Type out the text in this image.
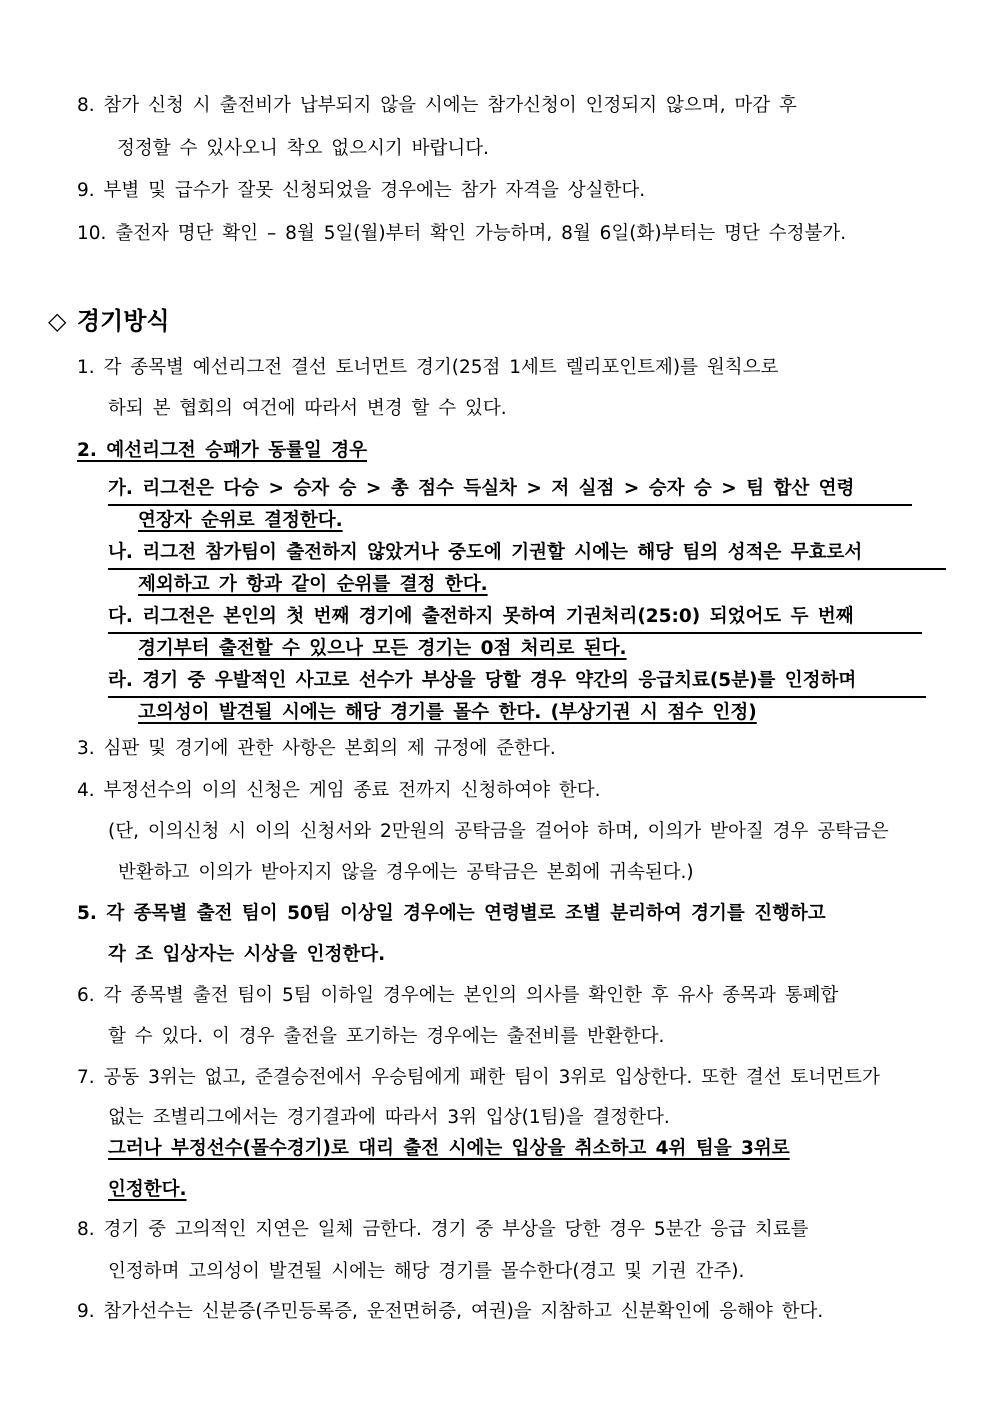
8. 참가 신청 시 출전비가 납부되지 않을 시에는 참가신청이 인정되지 않으며, 마감 후
정정할 수 있사오니 착오 없으시기 바랍니다.
9. 부별 및 급수가 잘못 신청되었을 경우에는 참가 자격을 상실한다.
10. 출전자 명단 확인 – 8월 5일(월)부터 확인 가능하며, 8월 6일(화)부터는 명단 수정불가.
◇ 경기방식
1. 각 종목별 예선리그전 결선 토너먼트 경기(25점 1세트 렐리포인트제)를 원칙으로
하되 본 협회의 여건에 따라서 변경 할 수 있다.
2. 예선리그전 승패가 동률일 경우
가. 리그전은 다승 > 승자 승 > 총 점수 득실차 > 저 실점 > 승자 승 > 팀 합산 연령
연장자 순위로 결정한다.
나. 리그전 참가팀이 출전하지 않았거나 중도에 기권할 시에는 해당 팀의 성적은 무효로서
제외하고 가 항과 같이 순위를 결정 한다.
다. 리그전은 본인의 첫 번째 경기에 출전하지 못하여 기권처리(25:0) 되었어도 두 번째
경기부터 출전할 수 있으나 모든 경기는 0점 처리로 된다.
라. 경기 중 우발적인 사고로 선수가 부상을 당할 경우 약간의 응급치료(5분)를 인정하며
고의성이 발견될 시에는 해당 경기를 몰수 한다. (부상기권 시 점수 인정)
3. 심판 및 경기에 관한 사항은 본회의 제 규정에 준한다.
4. 부정선수의 이의 신청은 게임 종료 전까지 신청하여야 한다.
(단, 이의신청 시 이의 신청서와 2만원의 공탁금을 걸어야 하며, 이의가 받아질 경우 공탁금은
반환하고 이의가 받아지지 않을 경우에는 공탁금은 본회에 귀속된다.)
5. 각 종목별 출전 팀이 50팀 이상일 경우에는 연령별로 조별 분리하여 경기를 진행하고
각 조 입상자는 시상을 인정한다.
6. 각 종목별 출전 팀이 5팀 이하일 경우에는 본인의 의사를 확인한 후 유사 종목과 통폐합
할 수 있다. 이 경우 출전을 포기하는 경우에는 출전비를 반환한다.
7. 공동 3위는 없고, 준결승전에서 우승팀에게 패한 팀이 3위로 입상한다. 또한 결선 토너먼트가
없는 조별리그에서는 경기결과에 따라서 3위 입상(1팀)을 결정한다.
그러나 부정선수(몰수경기)로 대리 출전 시에는 입상을 취소하고 4위 팀을 3위로
인정한다.
8. 경기 중 고의적인 지연은 일체 금한다. 경기 중 부상을 당한 경우 5분간 응급 치료를
인정하며 고의성이 발견될 시에는 해당 경기를 몰수한다(경고 및 기권 간주).
9. 참가선수는 신분증(주민등록증, 운전면허증, 여권)을 지참하고 신분확인에 응해야 한다.
